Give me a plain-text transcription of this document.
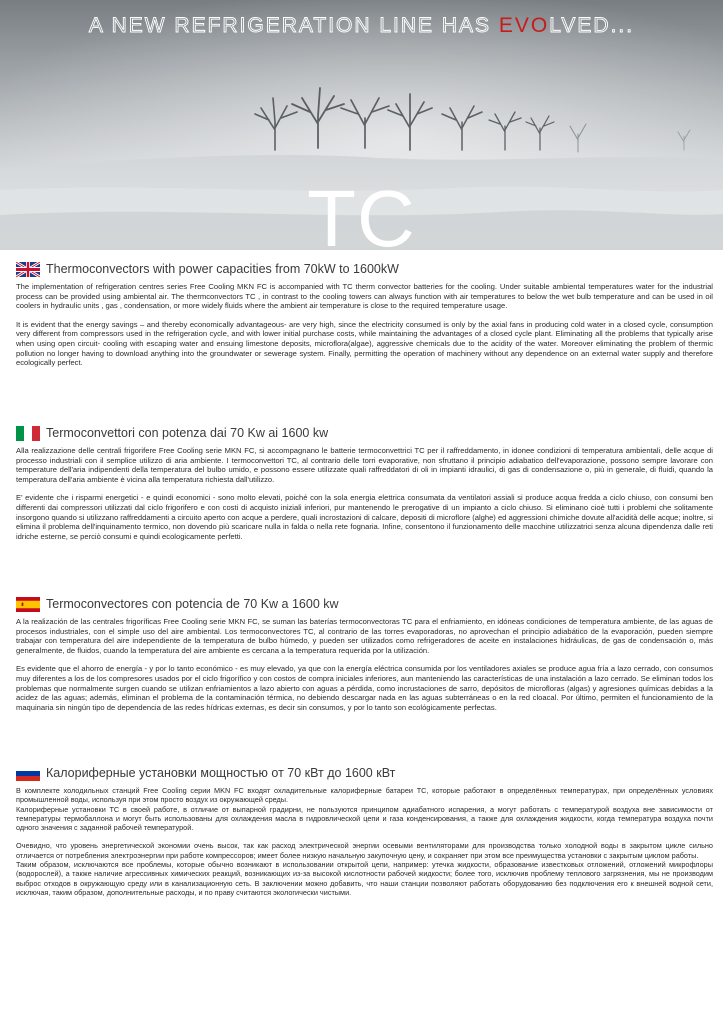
A NEW REFRIGERATION LINE HAS EVOLVED...
TC
Thermoconvectors with power capacities from 70kW to 1600kW

The implementation of refrigeration centres series Free Cooling MKN FC is accompanied with TC therm convector batteries for the cooling. Under suitable ambiental temperatures water for the industrial process can be provided using ambiental air. The thermconvectors TC , in contrast to the cooling towers can always function with air temperatures to below the wet bulb temperature and can be used in oil coolers in hydraulic units , gas , condensation, or more widely fluids where the ambient air temperature is close to the required temperature usage.

It is evident that the energy savings – and thereby economically advantageous- are very high, since the electricity consumed is only by the axial fans in producing cold water in a closed cycle, consumption very different from compressors used in the refrigeration cycle, and with lower initial purchase costs, while maintaining the advantages of a closed cycle plant. Eliminating all the problems that typically arise when using open circuit- cooling with escaping water and ensuing limestone deposits, microflora(algae), aggressive chemicals due to the acidity of the water. Moreover eliminating the problem of thermic pollution no longer having to download anything into the groundwater or sewerage system. Finally, permitting the operation of machinery without any dependence on an external water supply and therefore ecologically perfect.

Termoconvettori con potenza dai 70 Kw ai 1600 kw

Alla realizzazione delle centrali frigorifere Free Cooling serie MKN FC, si accompagnano le batterie termoconvettrici TC per il raffreddamento, in idonee condizioni di temperatura ambientali, delle acque di processo industriali con il semplice utilizzo di aria ambiente. I termoconvettori TC, al contrario delle torri evaporative, non sfruttano il principio adiabatico dell'evaporazione, possono sempre lavorare con temperature dell'aria indipendenti della temperatura del bulbo umido, e possono essere utilizzate quali raffreddatori di oli in impianti idraulici, di gas di condensazione o, più in generale, di fluidi, quando la temperatura dell'aria ambiente è vicina alla temperatura richiesta dall'utilizzo.

E' evidente che i risparmi energetici - e quindi economici - sono molto elevati, poiché con la sola energia elettrica consumata da ventilatori assiali si produce acqua fredda a ciclo chiuso, con consumi ben differenti dai compressori utilizzati dal ciclo frigorifero e con costi di acquisto iniziali inferiori, pur mantenendo le prerogative di un impianto a ciclo chiuso. Si eliminano cioè tutti i problemi che solitamente insorgono quando si utilizzano raffreddamenti a circuito aperto con acque a perdere, quali incrostazioni di calcare, depositi di microflore (alghe) ed aggressioni chimiche dovute all'acidità delle acque; inoltre, si elimina il problema dell'inquinamento termico, non dovendo più scaricare nulla in falda o nella rete fognaria. Infine, consentono il funzionamento delle macchine utilizzatrici senza alcuna dipendenza dalle reti idriche esterne, se perciò consumi e quindi ecologicamente perfetti.

Termoconvectores con potencia de 70 Kw a 1600 kw

A la realización de las centrales frigoríficas Free Cooling serie MKN FC, se suman las baterías termoconvectoras TC para el enfriamiento, en idóneas condiciones de temperatura ambiente, de las aguas de procesos industriales, con el simple uso del aire ambiental. Los termoconvectores TC, al contrario de las torres evaporadoras, no aprovechan el principio adiabático de la evaporación, pueden siempre trabajar con temperatura del aire independiente de la temperatura de bulbo húmedo, y pueden ser utilizados como refrigeradores de aceite en instalaciones hidráulicas, de gas de condensación o, más generalmente, de fluidos, cuando la temperatura del aire ambiente es cercana a la temperatura requerida por la utilización.

Es evidente que el ahorro de energía - y por lo tanto económico - es muy elevado, ya que con la energía eléctrica consumida por los ventiladores axiales se produce agua fría a lazo cerrado, con consumos muy diferentes a los de los compresores usados por el ciclo frigorífico y con costos de compra iniciales inferiores, aun manteniendo las características de una instalación a lazo cerrado. Se eliminan todos los problemas que normalmente surgen cuando se utilizan enfriamientos a lazo abierto con aguas a pérdida, como incrustaciones de sarro, depósitos de microfloras (algas) y agresiones químicas debidas a la acidez de las aguas; además, eliminan el problema de la contaminación térmica, no debiendo descargar nada en las aguas subterráneas o en la red cloacal. Por último, permiten el funcionamiento de la maquinaria sin ningún tipo de dependencia de las redes hídricas externas, es decir sin consumos, y por lo tanto son ecológicamente perfectas.

Калориферные установки мощностью от 70 кВт до 1600 кВт

В комплекте холодильных станций Free Cooling серии MKN FC входят охладительные калориферные батареи ТС, которые работают в определённых температурах, при определённых условиях промышленной воды, используя при этом просто воздух из окружающей среды.
Калориферные установки ТС в своей работе, в отличие от выпарной градирни, не пользуются принципом адиабатного испарения, а могут работать с температурой воздуха вне зависимости от температуры термобаллона и могут быть использованы для охлаждения масла в гидровлической цепи и газа конденсирования, а также для охлаждения жидкости, когда температура воздуха почти одного значения с заданной рабочей температурой.

Очевидно, что уровень энергетической экономии очень высок, так как расход электрической энергии осевыми вентиляторами для производства только холодной воды в закрытом цикле сильно отличается от потребления электроэнергии при работе компрессоров; имеет более низкую начальную закупочную цену, и сохраняет при этом все преимущества установки с закрытым циклом работы.
Таким образом, исключаются все проблемы, которые обычно возникают в использовании открытой цепи, например: утечка жидкости, образование известковых отложений, отложений микрофлоры (водорослей), а также наличие агрессивных химических реакций, возникающих из-за высокой кислотности рабочей жидкости; более того, исключив проблему теплового загрязнения, мы не производим выброс отходов в окружающую среду или в канализационную сеть. В заключении можно добавить, что наши станции позволяют работать оборудованию без подключения его к внешней водной сети, исключая, таким образом, дополнительные расходы, и по праву считаются экологически чистыми.
